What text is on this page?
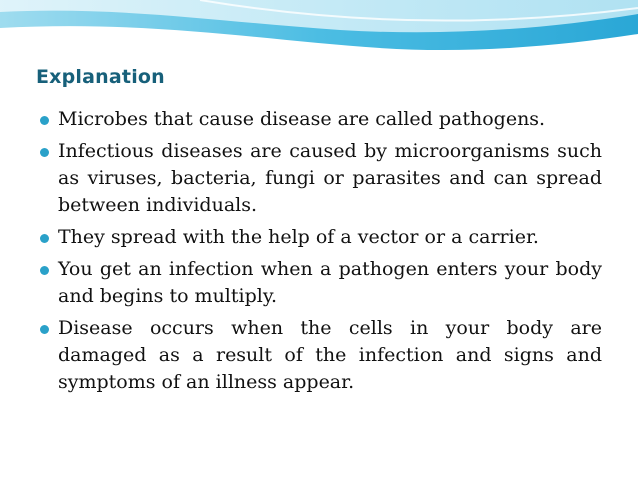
Explanation
Microbes that cause disease are called pathogens.
Infectious diseases are caused by microorganisms such as viruses, bacteria, fungi or parasites and can spread between individuals.
They spread with the help of a vector or a carrier.
You get an infection when a pathogen enters your body and begins to multiply.
Disease occurs when the cells in your body are damaged as a result of the infection and signs and symptoms of an illness appear.
